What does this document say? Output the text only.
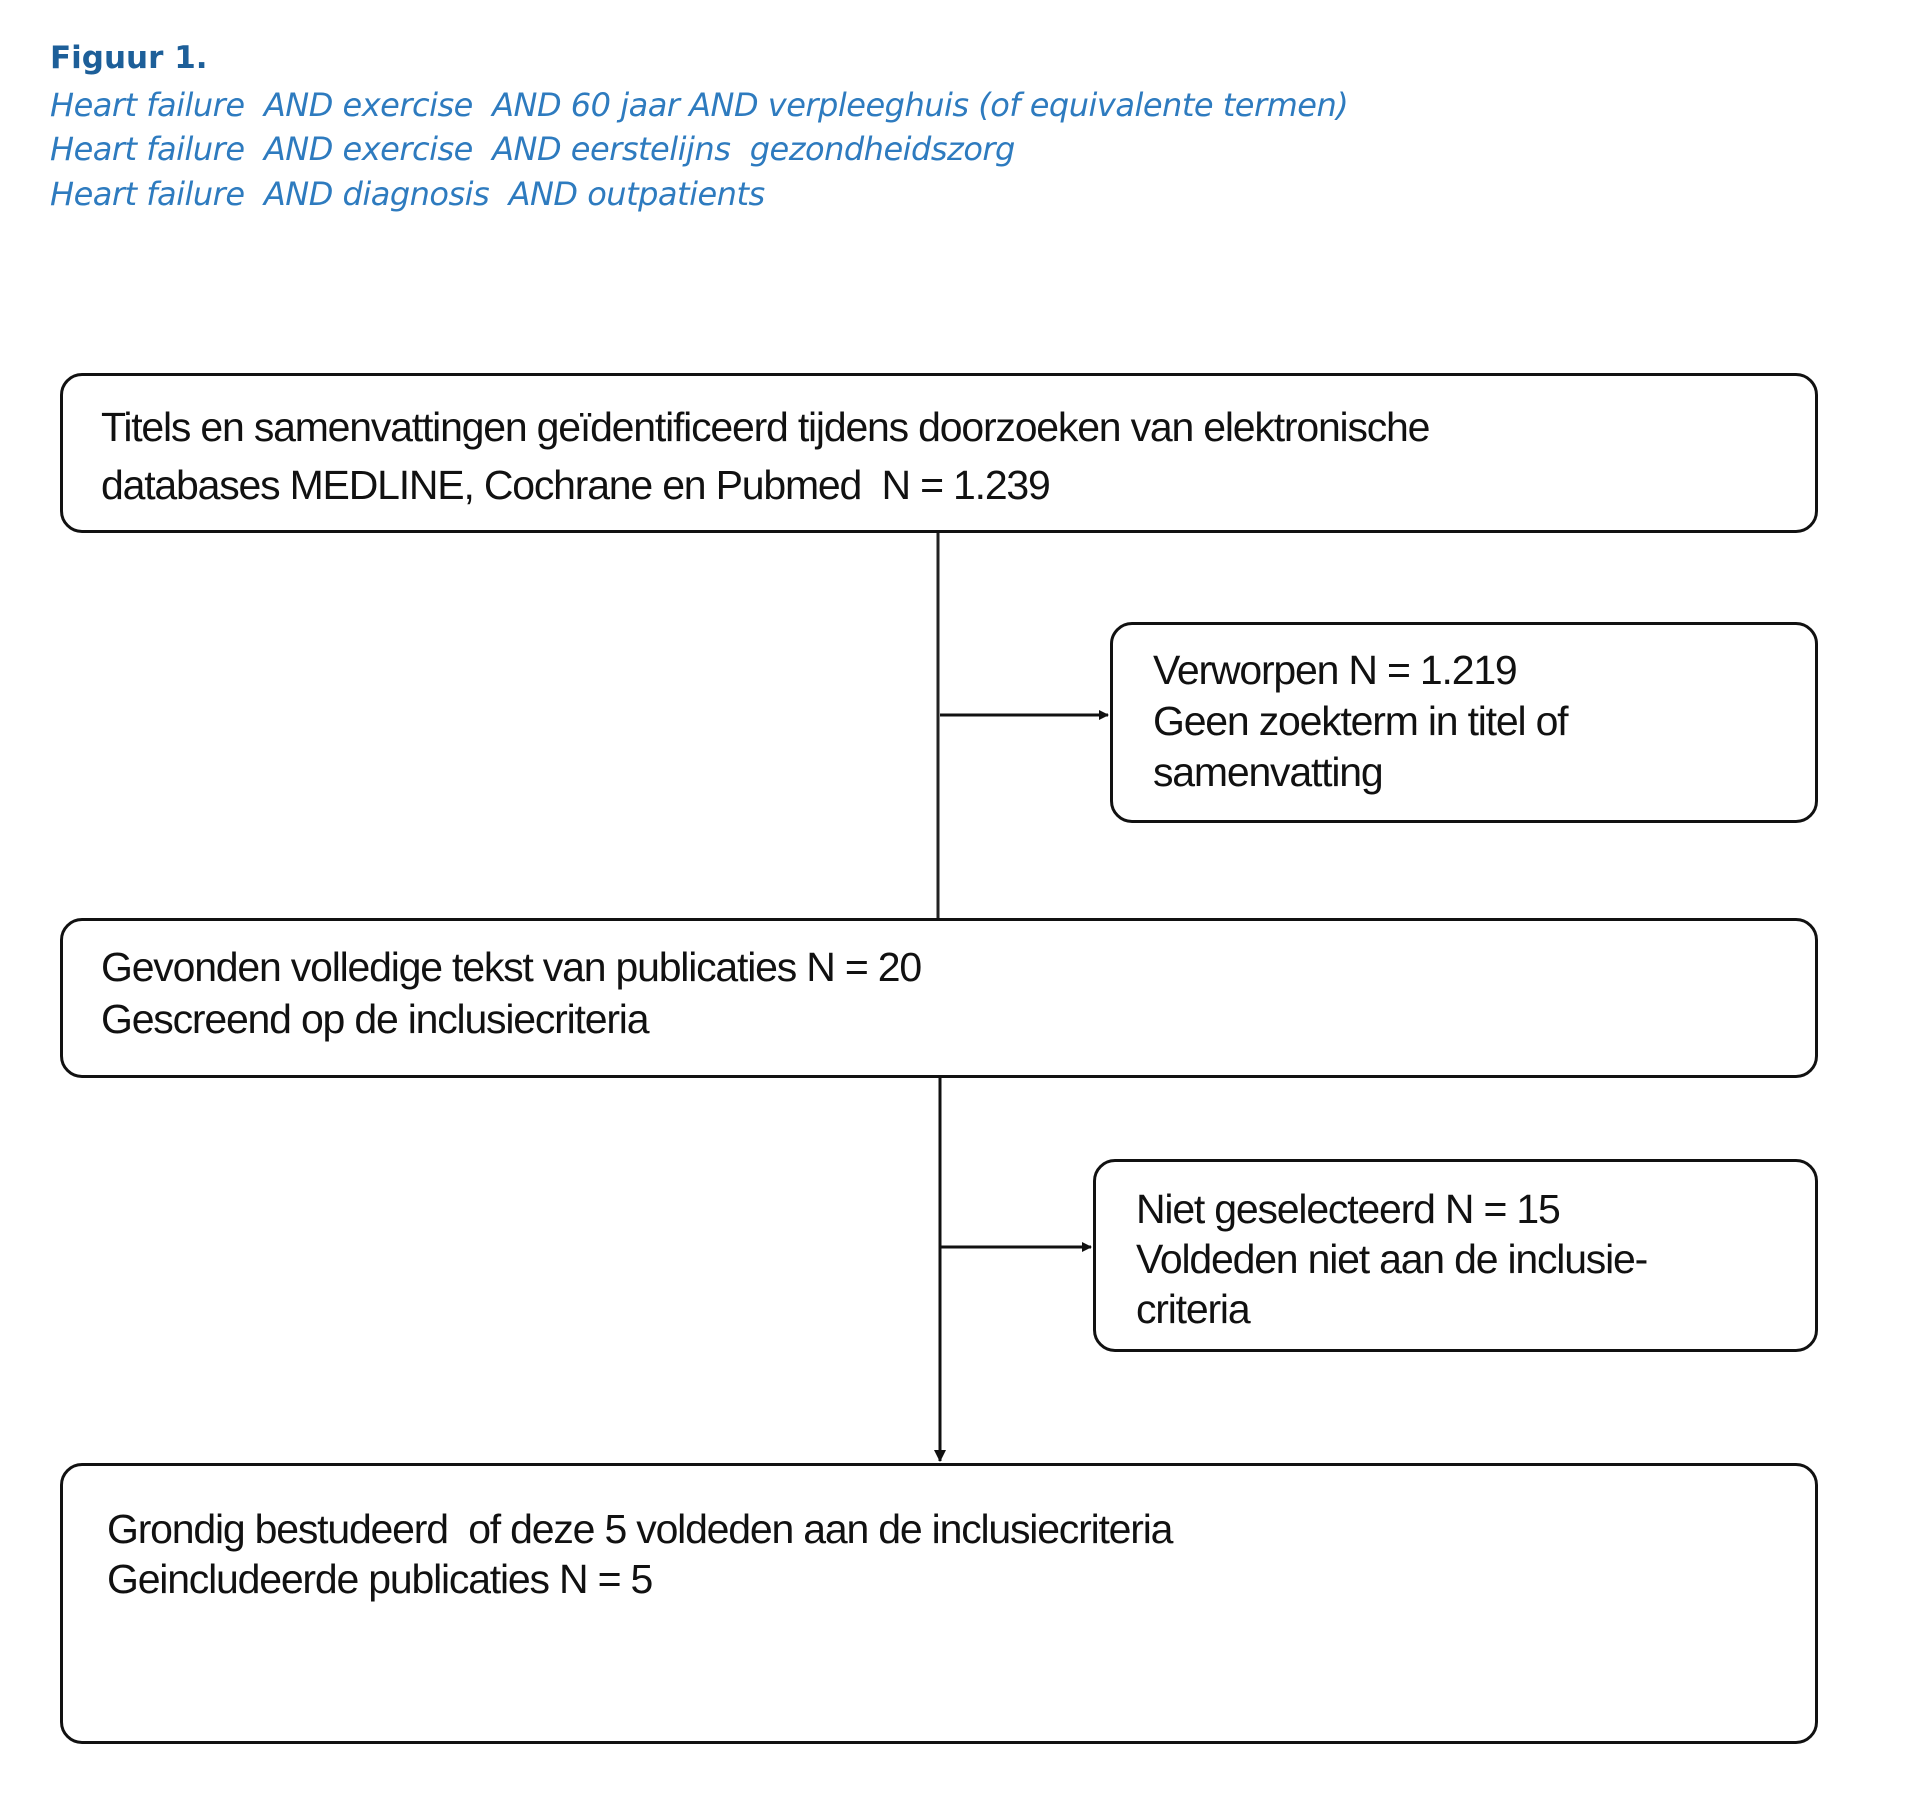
Figuur 1.
Heart failure  AND exercise  AND 60 jaar AND verpleeghuis (of equivalente termen)
Heart failure  AND exercise  AND eerstelijns  gezondheidszorg
Heart failure  AND diagnosis  AND outpatients
Titels en samenvattingen geïdentificeerd tijdens doorzoeken van elektronische
databases MEDLINE, Cochrane en Pubmed  N = 1.239
Verworpen N = 1.219
Geen zoekterm in titel of
samenvatting
Gevonden volledige tekst van publicaties N = 20
Gescreend op de inclusiecriteria
Niet geselecteerd N = 15
Voldeden niet aan de inclusie-
criteria
Grondig bestudeerd  of deze 5 voldeden aan de inclusiecriteria
Geincludeerde publicaties N = 5
